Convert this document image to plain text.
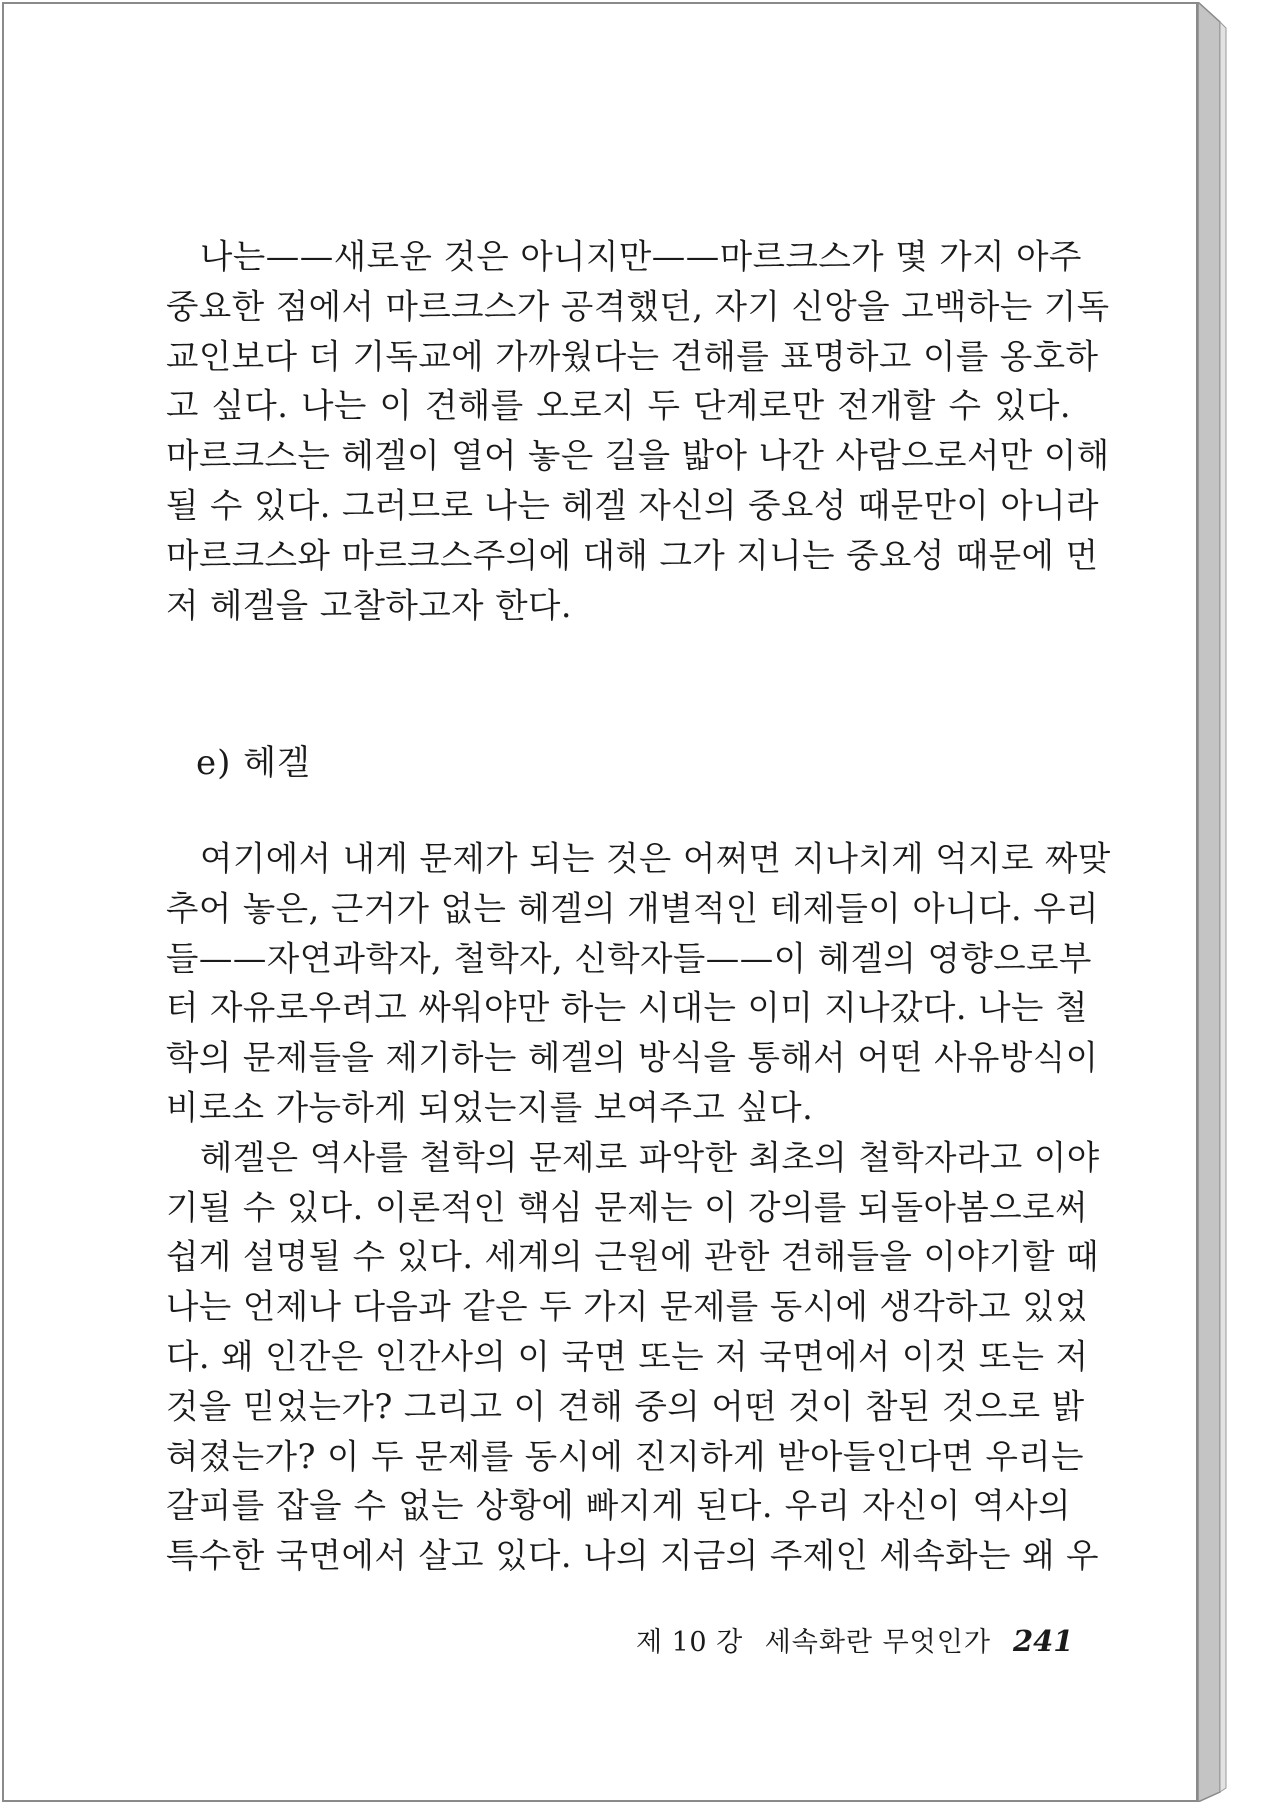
나는——새로운 것은 아니지만——마르크스가 몇 가지 아주
중요한 점에서 마르크스가 공격했던, 자기 신앙을 고백하는 기독
교인보다 더 기독교에 가까웠다는 견해를 표명하고 이를 옹호하
고 싶다. 나는 이 견해를 오로지 두 단계로만 전개할 수 있다.
마르크스는 헤겔이 열어 놓은 길을 밟아 나간 사람으로서만 이해
될 수 있다. 그러므로 나는 헤겔 자신의 중요성 때문만이 아니라
마르크스와 마르크스주의에 대해 그가 지니는 중요성 때문에 먼
저 헤겔을 고찰하고자 한다.

e) 헤겔

여기에서 내게 문제가 되는 것은 어쩌면 지나치게 억지로 짜맞
추어 놓은, 근거가 없는 헤겔의 개별적인 테제들이 아니다. 우리
들——자연과학자, 철학자, 신학자들——이 헤겔의 영향으로부
터 자유로우려고 싸워야만 하는 시대는 이미 지나갔다. 나는 철
학의 문제들을 제기하는 헤겔의 방식을 통해서 어떤 사유방식이
비로소 가능하게 되었는지를 보여주고 싶다.

헤겔은 역사를 철학의 문제로 파악한 최초의 철학자라고 이야
기될 수 있다. 이론적인 핵심 문제는 이 강의를 되돌아봄으로써
쉽게 설명될 수 있다. 세계의 근원에 관한 견해들을 이야기할 때
나는 언제나 다음과 같은 두 가지 문제를 동시에 생각하고 있었
다. 왜 인간은 인간사의 이 국면 또는 저 국면에서 이것 또는 저
것을 믿었는가? 그리고 이 견해 중의 어떤 것이 참된 것으로 밝
혀졌는가? 이 두 문제를 동시에 진지하게 받아들인다면 우리는
갈피를 잡을 수 없는 상황에 빠지게 된다. 우리 자신이 역사의
특수한 국면에서 살고 있다. 나의 지금의 주제인 세속화는 왜 우

제 10 강 세속화란 무엇인가 241
